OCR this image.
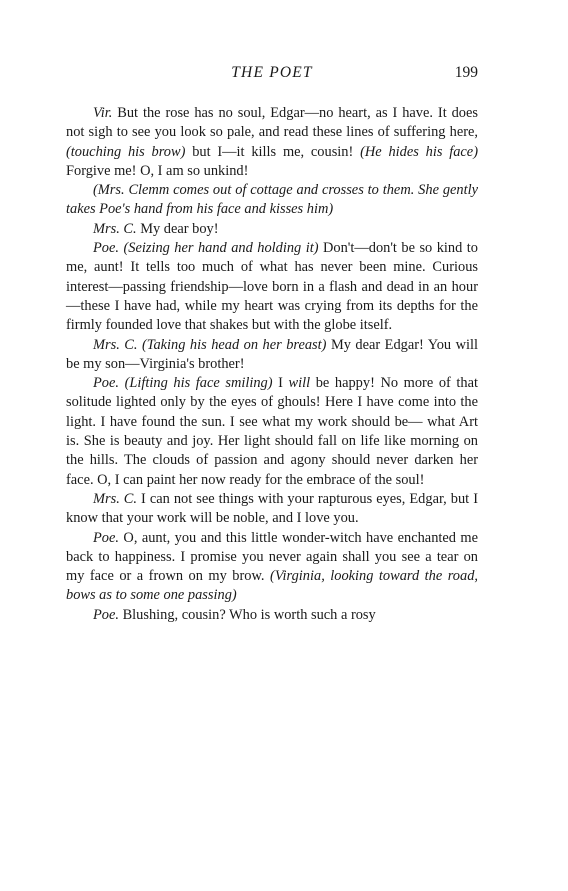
THE POET	199

Vir. But the rose has no soul, Edgar—no heart, as I have. It does not sigh to see you look so pale, and read these lines of suffering here, (touching his brow) but I—it kills me, cousin! (He hides his face) Forgive me! O, I am so unkind!

(Mrs. Clemm comes out of cottage and crosses to them. She gently takes Poe's hand from his face and kisses him)

Mrs. C. My dear boy!

Poe. (Seizing her hand and holding it) Don't—don't be so kind to me, aunt! It tells too much of what has never been mine. Curious interest—passing friendship—love born in a flash and dead in an hour—these I have had, while my heart was crying from its depths for the firmly founded love that shakes but with the globe itself.

Mrs. C. (Taking his head on her breast) My dear Edgar! You will be my son—Virginia's brother!

Poe. (Lifting his face smiling) I will be happy! No more of that solitude lighted only by the eyes of ghouls! Here I have come into the light. I have found the sun. I see what my work should be— what Art is. She is beauty and joy. Her light should fall on life like morning on the hills. The clouds of passion and agony should never darken her face. O, I can paint her now ready for the embrace of the soul!

Mrs. C. I can not see things with your rapturous eyes, Edgar, but I know that your work will be noble, and I love you.

Poe. O, aunt, you and this little wonder-witch have enchanted me back to happiness. I promise you never again shall you see a tear on my face or a frown on my brow. (Virginia, looking toward the road, bows as to some one passing)

Poe. Blushing, cousin? Who is worth such a rosy
